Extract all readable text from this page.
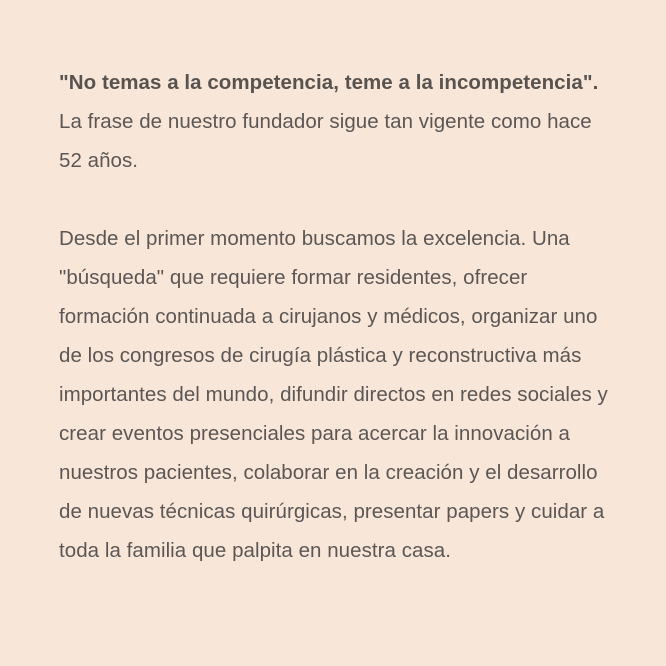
"No temas a la competencia, teme a la incompetencia". La frase de nuestro fundador sigue tan vigente como hace 52 años.

Desde el primer momento buscamos la excelencia. Una "búsqueda" que requiere formar residentes, ofrecer formación continuada a cirujanos y médicos, organizar uno de los congresos de cirugía plástica y reconstructiva más importantes del mundo, difundir directos en redes sociales y crear eventos presenciales para acercar la innovación a nuestros pacientes, colaborar en la creación y el desarrollo de nuevas técnicas quirúrgicas, presentar papers y cuidar a toda la familia que palpita en nuestra casa.
